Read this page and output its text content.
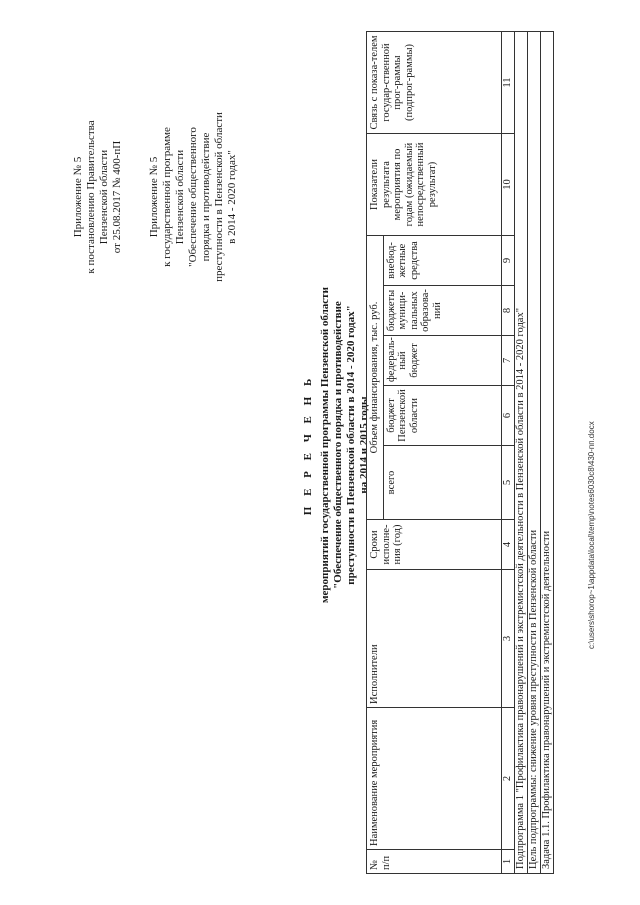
Приложение № 5 к постановлению Правительства Пензенской области от 25.08.2017 № 400-пП Приложение № 5 к государственной программе Пензенской области "Обеспечение общественного порядка и противодействие преступности в Пензенской области в 2014 - 2020 годах"
П Е Р Е Ч Е Н Ь мероприятий государственной программы Пензенской области "Обеспечение общественного порядка и противодействие преступности в Пензенской области в 2014 - 2020 годах" на 2014 и 2015 годы
№ п/п	Наименование мероприятия	Исполнители	Сроки исполне-ния (год)	Объем финансирования, тыс. руб.					Показатели результата мероприятия по годам (ожидаемый непосредственный результат)	Связь с показа-телем государ-ственной прог-раммы (подпрог-раммы)
				всего	бюджет Пензенской области	федераль-ный бюджет	бюджеты муници-пальных образова-ний	внебюд-жетные средства		
1	2	3	4	5	6	7	8	9	10	11
Подпрограмма 1 "Профилактика правонарушений и экстремистской деятельности в Пензенской области в 2014 - 2020 годах"										
Цель подпрограммы: снижение уровня преступности в Пензенской области										
Задача 1.1. Профилактика правонарушений и экстремистской деятельности											c:\users\shorop~1\appdata\local\temp\notes6030c8\430-пп.docx
